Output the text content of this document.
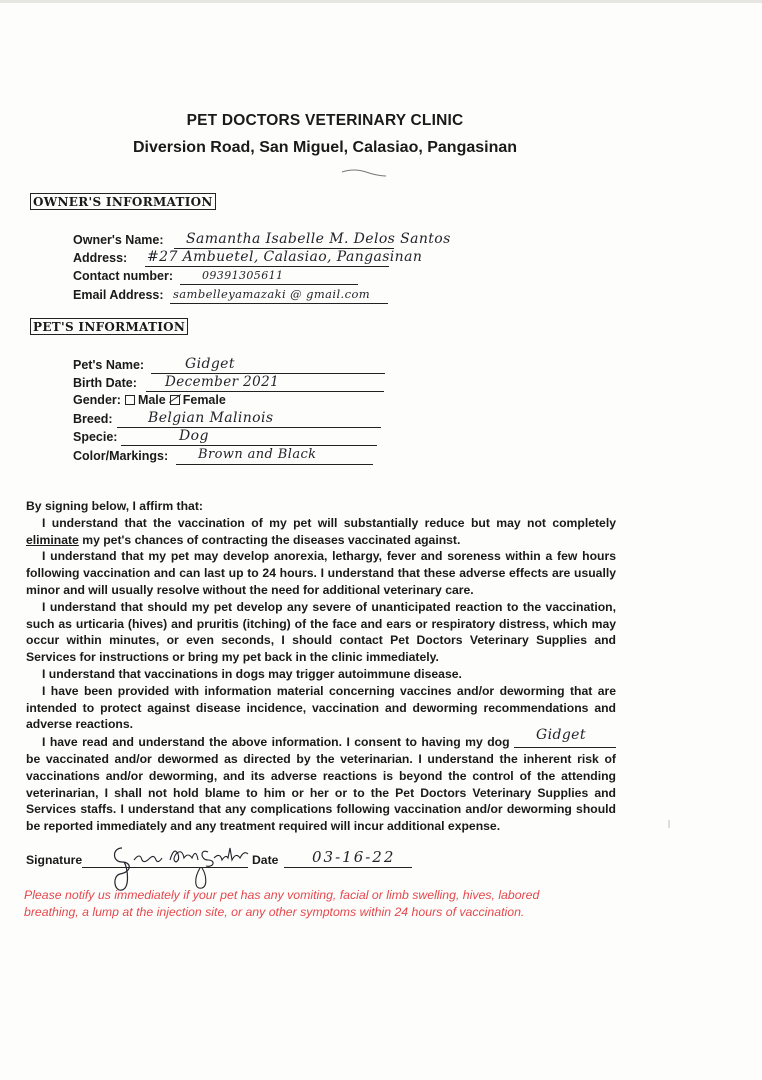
PET DOCTORS VETERINARY CLINIC
Diversion Road, San Miguel, Calasiao, Pangasinan
OWNER'S INFORMATION
Owner's Name: Samantha Isabelle M. Delos Santos
Address: #27 Ambuetel, Calasiao, Pangasinan
Contact number:	09391305611
Email Address: sambelleyamazaki @ gmail.com
PET'S INFORMATION
Pet's Name:	Gidget
Birth Date: December 2021
Gender: Male Female
Breed:	Belgian Malinois
Specie:	Dog
Color/Markings: Brown and Black

By signing below, I affirm that:

I understand that the vaccination of my pet will substantially reduce but may not completely eliminate my pet's chances of contracting the diseases vaccinated against.

I understand that my pet may develop anorexia, lethargy, fever and soreness within a few hours following vaccination and can last up to 24 hours. I understand that these adverse effects are usually minor and will usually resolve without the need for additional veterinary care.

I understand that should my pet develop any severe of unanticipated reaction to the vaccination, such as urticaria (hives) and pruritis (itching) of the face and ears or respiratory distress, which may occur within minutes, or even seconds, I should contact Pet Doctors Veterinary Supplies and Services for instructions or bring my pet back in the clinic immediately.

I understand that vaccinations in dogs may trigger autoimmune disease.

I have been provided with information material concerning vaccines and/or deworming that are intended to protect against disease incidence, vaccination and deworming recommendations and adverse reactions.

I have read and understand the above information. I consent to having my dog Gidget
be vaccinated and/or dewormed as directed by the veterinarian. I understand the inherent risk of vaccinations and/or deworming, and its adverse reactions is beyond the control of the attending veterinarian, I shall not hold blame to him or her or to the Pet Doctors Veterinary Supplies and Services staffs. I understand that any complications following vaccination and/or deworming should be reported immediately and any treatment required will incur additional expense.

Signature	Date 03-16-22
Please notify us immediately if your pet has any vomiting, facial or limb swelling, hives, labored breathing, a lump at the injection site, or any other symptoms within 24 hours of vaccination.
